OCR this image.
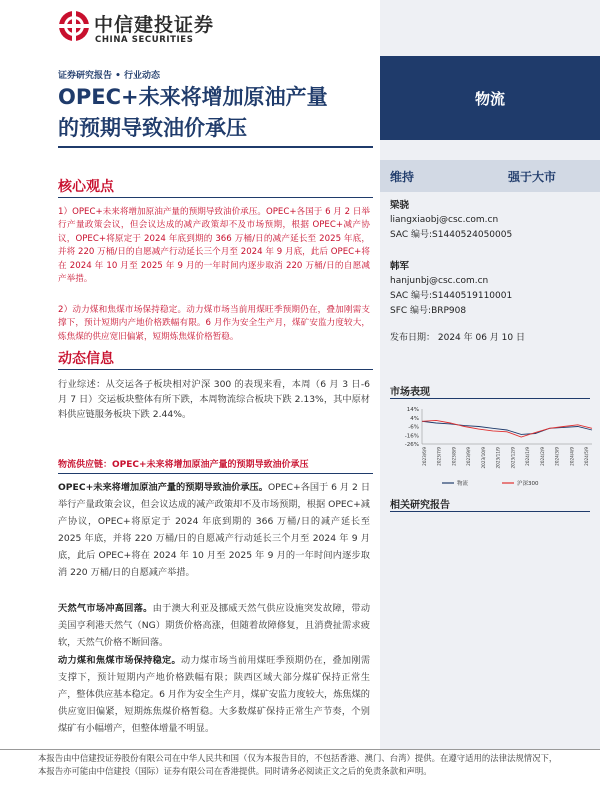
中信建投证券
CHINA SECURITIES
物流
维持	强于大市
梁骁
liangxiaobj@csc.com.cn
SAC 编号:S1440524050005
韩军
hanjunbj@csc.com.cn
SAC 编号:S1440519110001
SFC 编号:BRP908
发布日期： 2024 年 06 月 10 日
市场表现
14%
4%
-6%
-16%
-26%
2023/6/9 2023/7/9 2023/8/9 2023/9/9 2023/10/9 2023/11/9 2023/12/9 2024/1/9 2024/2/9 2024/3/9 2024/4/9 2024/5/9
物流	沪深300
相关研究报告
证券研究报告 • 行业动态
OPEC+未来将增加原油产量
的预期导致油价承压
核心观点
1）OPEC+未来将增加原油产量的预期导致油价承压。OPEC+各国于 6 月 2 日举行产量政策会议，但会议达成的减产政策却不及市场预期，根据 OPEC+减产协议，OPEC+将原定于 2024 年底到期的 366 万桶/日的减产延长至 2025 年底，并将 220 万桶/日的自愿减产行动延长三个月至 2024 年 9 月底，此后 OPEC+将在 2024 年 10 月至 2025 年 9 月的一年时间内逐步取消 220 万桶/日的自愿减产举措。
2）动力煤和焦煤市场保持稳定。动力煤市场当前用煤旺季预期仍在，叠加刚需支撑下，预计短期内产地价格跌幅有限。6 月作为安全生产月，煤矿安监力度较大，炼焦煤的供应宽旧偏紧，短期炼焦煤价格暂稳。
动态信息
行业综述：从交运各子板块相对沪深 300 的表现来看，本周（6 月 3 日-6 月 7 日）交运板块整体有所下跌，本周物流综合板块下跌 2.13%，其中原材料供应链服务板块下跌 2.44%。
物流供应链：OPEC+未来将增加原油产量的预期导致油价承压
OPEC+未来将增加原油产量的预期导致油价承压。OPEC+各国于 6 月 2 日举行产量政策会议，但会议达成的减产政策却不及市场预期，根据 OPEC+减产协议，OPEC+将原定于 2024 年底到期的 366 万桶/日的减产延长至 2025 年底，并将 220 万桶/日的自愿减产行动延长三个月至 2024 年 9 月底，此后 OPEC+将在 2024 年 10 月至 2025 年 9 月的一年时间内逐步取消 220 万桶/日的自愿减产举措。
天然气市场冲高回落。由于澳大利亚及挪威天然气供应设施突发故障，带动美国亨利港天然气（NG）期货价格高涨，但随着故障修复，且消费扯需求疲软，天然气价格不断回落。
动力煤和焦煤市场保持稳定。动力煤市场当前用煤旺季预期仍在，叠加刚需支撑下，预计短期内产地价格跌幅有限；陕西区域大部分煤矿保持正常生产，整体供应基本稳定。6 月作为安全生产月，煤矿安监力度较大，炼焦煤的供应宽旧偏紧，短期炼焦煤价格暂稳。大多数煤矿保持正常生产节奏，个别煤矿有小幅增产，但整体增量不明显。
本报告由中信建投证券股份有限公司在中华人民共和国（仅为本报告目的，不包括香港、澳门、台湾）提供。在遵守适用的法律法规情况下，
本报告亦可能由中信建投（国际）证券有限公司在香港提供。同时请务必阅读正文之后的免责条款和声明。
